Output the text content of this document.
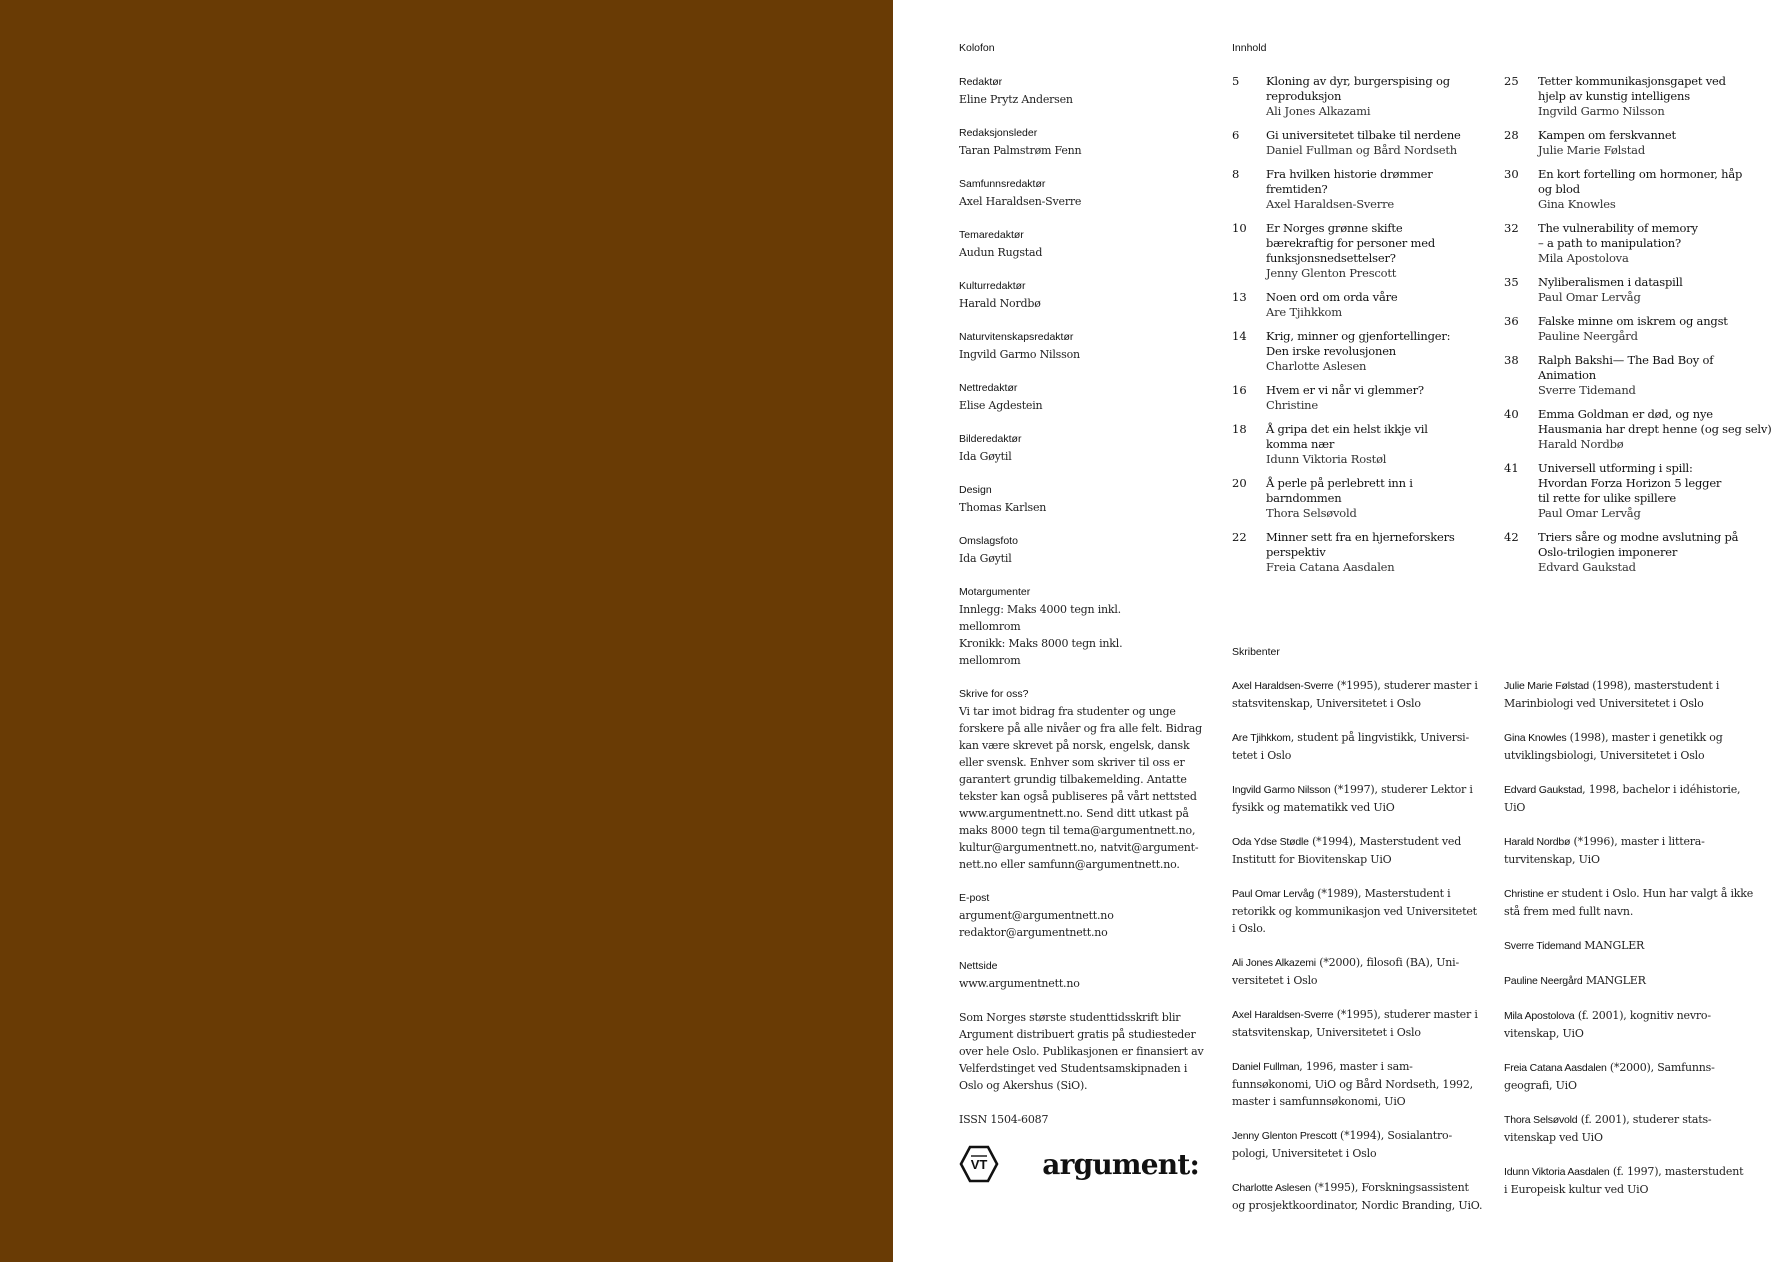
Kolofon
Redaktør
Eline Prytz Andersen
Redaksjonsleder
Taran Palmstrøm Fenn
Samfunnsredaktør
Axel Haraldsen-Sverre
Temaredaktør
Audun Rugstad
Kulturredaktør
Harald Nordbø
Naturvitenskapsredaktør
Ingvild Garmo Nilsson
Nettredaktør
Elise Agdestein
Bilderedaktør
Ida Gøytil
Design
Thomas Karlsen
Omslagsfoto
Ida Gøytil
Motargumenter
Innlegg: Maks 4000 tegn inkl.
mellomrom
Kronikk: Maks 8000 tegn inkl.
mellomrom
Skrive for oss?
Vi tar imot bidrag fra studenter og unge
forskere på alle nivåer og fra alle felt. Bidrag
kan være skrevet på norsk, engelsk, dansk
eller svensk. Enhver som skriver til oss er
garantert grundig tilbakemelding. Antatte
tekster kan også publiseres på vårt nettsted
www.argumentnett.no. Send ditt utkast på
maks 8000 tegn til tema@argumentnett.no,
kultur@argumentnett.no, natvit@argument-
nett.no eller samfunn@argumentnett.no.
E-post
argument@argumentnett.no
redaktor@argumentnett.no
Nettside
www.argumentnett.no
Som Norges største studenttidsskrift blir
Argument distribuert gratis på studiesteder
over hele Oslo. Publikasjonen er finansiert av
Velferdstinget ved Studentsamskipnaden i
Oslo og Akershus (SiO).
ISSN 1504-6087
VT argument:
Innhold
5	Kloning av dyr, burgerspising og
reproduksjon
Ali Jones Alkazami
6	Gi universitetet tilbake til nerdene
Daniel Fullman og Bård Nordseth
8	Fra hvilken historie drømmer
fremtiden?
Axel Haraldsen-Sverre
10	Er Norges grønne skifte
bærekraftig for personer med
funksjonsnedsettelser?
Jenny Glenton Prescott
13	Noen ord om orda våre
Are Tjihkkom
14	Krig, minner og gjenfortellinger:
Den irske revolusjonen
Charlotte Aslesen
16	Hvem er vi når vi glemmer?
Christine
18	Å gripa det ein helst ikkje vil
komma nær
Idunn Viktoria Rostøl
20	Å perle på perlebrett inn i
barndommen
Thora Selsøvold
22	Minner sett fra en hjerneforskers
perspektiv
Freia Catana Aasdalen
25	Tetter kommunikasjonsgapet ved
hjelp av kunstig intelligens
Ingvild Garmo Nilsson
28	Kampen om ferskvannet
Julie Marie Følstad
30	En kort fortelling om hormoner, håp
og blod
Gina Knowles
32	The vulnerability of memory
– a path to manipulation?
Mila Apostolova
35	Nyliberalismen i dataspill
Paul Omar Lervåg
36	Falske minne om iskrem og angst
Pauline Neergård
38	Ralph Bakshi— The Bad Boy of
Animation
Sverre Tidemand
40	Emma Goldman er død, og nye
Hausmania har drept henne (og seg selv)
Harald Nordbø
41	Universell utforming i spill:
Hvordan Forza Horizon 5 legger
til rette for ulike spillere
Paul Omar Lervåg
42	Triers såre og modne avslutning på
Oslo-trilogien imponerer
Edvard Gaukstad
Skribenter
Axel Haraldsen-Sverre (*1995), studerer master i
statsvitenskap, Universitetet i Oslo
Are Tjihkkom, student på lingvistikk, Universi-
tetet i Oslo
Ingvild Garmo Nilsson (*1997), studerer Lektor i
fysikk og matematikk ved UiO
Oda Ydse Stødle (*1994), Masterstudent ved
Institutt for Biovitenskap UiO
Paul Omar Lervåg (*1989), Masterstudent i
retorikk og kommunikasjon ved Universitetet
i Oslo.
Ali Jones Alkazemi (*2000), filosofi (BA), Uni-
versitetet i Oslo
Axel Haraldsen-Sverre (*1995), studerer master i
statsvitenskap, Universitetet i Oslo
Daniel Fullman, 1996, master i sam-
funnsøkonomi, UiO og Bård Nordseth, 1992,
master i samfunnsøkonomi, UiO
Jenny Glenton Prescott (*1994), Sosialantro-
pologi, Universitetet i Oslo
Charlotte Aslesen (*1995), Forskningsassistent
og prosjektkoordinator, Nordic Branding, UiO.
Julie Marie Følstad (1998), masterstudent i
Marinbiologi ved Universitetet i Oslo
Gina Knowles (1998), master i genetikk og
utviklingsbiologi, Universitetet i Oslo
Edvard Gaukstad, 1998, bachelor i idéhistorie,
UiO
Harald Nordbø (*1996), master i littera-
turvitenskap, UiO
Christine er student i Oslo. Hun har valgt å ikke
stå frem med fullt navn.
Sverre Tidemand MANGLER
Pauline Neergård MANGLER
Mila Apostolova (f. 2001), kognitiv nevro-
vitenskap, UiO
Freia Catana Aasdalen (*2000), Samfunns-
geografi, UiO
Thora Selsøvold (f. 2001), studerer stats-
vitenskap ved UiO
Idunn Viktoria Aasdalen (f. 1997), masterstudent
i Europeisk kultur ved UiO
